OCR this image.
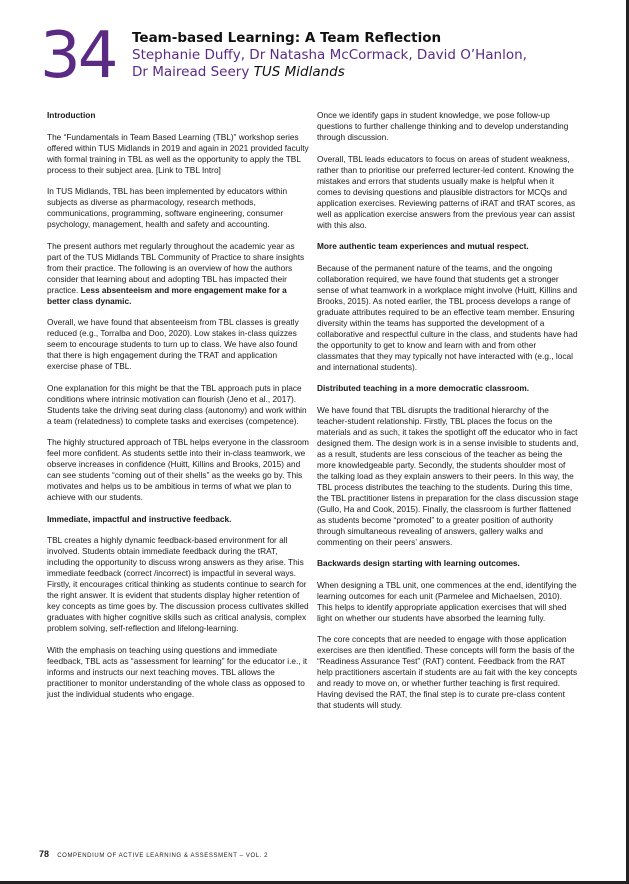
34 Team-based Learning: A Team Reflection
Stephanie Duffy, Dr Natasha McCormack, David O’Hanlon,
Dr Mairead Seery TUS Midlands
Introduction

The “Fundamentals in Team Based Learning (TBL)” workshop series offered within TUS Midlands in 2019 and again in 2021 provided faculty with formal training in TBL as well as the opportunity to apply the TBL process to their subject area. [Link to TBL Intro]

In TUS Midlands, TBL has been implemented by educators within subjects as diverse as pharmacology, research methods, communications, programming, software engineering, consumer psychology, management, health and safety and accounting.

The present authors met regularly throughout the academic year as part of the TUS Midlands TBL Community of Practice to share insights from their practice. The following is an overview of how the authors consider that learning about and adopting TBL has impacted their practice. Less absenteeism and more engagement make for a better class dynamic.

Overall, we have found that absenteeism from TBL classes is greatly reduced (e.g., Torralba and Doo, 2020). Low stakes in-class quizzes seem to encourage students to turn up to class. We have also found that there is high engagement during the TRAT and application exercise phase of TBL.

One explanation for this might be that the TBL approach puts in place conditions where intrinsic motivation can flourish (Jeno et al., 2017). Students take the driving seat during class (autonomy) and work within a team (relatedness) to complete tasks and exercises (competence).

The highly structured approach of TBL helps everyone in the classroom feel more confident. As students settle into their in-class teamwork, we observe increases in confidence (Huitt, Killins and Brooks, 2015) and can see students “coming out of their shells” as the weeks go by. This motivates and helps us to be ambitious in terms of what we plan to achieve with our students.

Immediate, impactful and instructive feedback.

TBL creates a highly dynamic feedback-based environment for all involved. Students obtain immediate feedback during the tRAT, including the opportunity to discuss wrong answers as they arise. This immediate feedback (correct /incorrect) is impactful in several ways. Firstly, it encourages critical thinking as students continue to search for the right answer. It is evident that students display higher retention of key concepts as time goes by. The discussion process cultivates skilled graduates with higher cognitive skills such as critical analysis, complex problem solving, self-reflection and lifelong-learning.

With the emphasis on teaching using questions and immediate feedback, TBL acts as “assessment for learning” for the educator i.e., it informs and instructs our next teaching moves. TBL allows the practitioner to monitor understanding of the whole class as opposed to just the individual students who engage.

Once we identify gaps in student knowledge, we pose follow-up questions to further challenge thinking and to develop understanding through discussion.

Overall, TBL leads educators to focus on areas of student weakness, rather than to prioritise our preferred lecturer-led content. Knowing the mistakes and errors that students usually make is helpful when it comes to devising questions and plausible distractors for MCQs and application exercises. Reviewing patterns of iRAT and tRAT scores, as well as application exercise answers from the previous year can assist with this also.

More authentic team experiences and mutual respect.

Because of the permanent nature of the teams, and the ongoing collaboration required, we have found that students get a stronger sense of what teamwork in a workplace might involve (Huitt, Killins and Brooks, 2015). As noted earlier, the TBL process develops a range of graduate attributes required to be an effective team member. Ensuring diversity within the teams has supported the development of a collaborative and respectful culture in the class, and students have had the opportunity to get to know and learn with and from other classmates that they may typically not have interacted with (e.g., local and international students).

Distributed teaching in a more democratic classroom.

We have found that TBL disrupts the traditional hierarchy of the teacher-student relationship. Firstly, TBL places the focus on the materials and as such, it takes the spotlight off the educator who in fact designed them. The design work is in a sense invisible to students and, as a result, students are less conscious of the teacher as being the more knowledgeable party. Secondly, the students shoulder most of the talking load as they explain answers to their peers. In this way, the TBL process distributes the teaching to the students. During this time, the TBL practitioner listens in preparation for the class discussion stage (Gullo, Ha and Cook, 2015). Finally, the classroom is further flattened as students become “promoted” to a greater position of authority through simultaneous revealing of answers, gallery walks and commenting on their peers’ answers.

Backwards design starting with learning outcomes.

When designing a TBL unit, one commences at the end, identifying the learning outcomes for each unit (Parmelee and Michaelsen, 2010). This helps to identify appropriate application exercises that will shed light on whether our students have absorbed the learning fully.

The core concepts that are needed to engage with those application exercises are then identified. These concepts will form the basis of the “Readiness Assurance Test” (RAT) content. Feedback from the RAT help practitioners ascertain if students are au fait with the key concepts and ready to move on, or whether further teaching is first required. Having devised the RAT, the final step is to curate pre-class content that students will study.

78 COMPENDIUM OF ACTIVE LEARNING & ASSESSMENT – VOL. 2
